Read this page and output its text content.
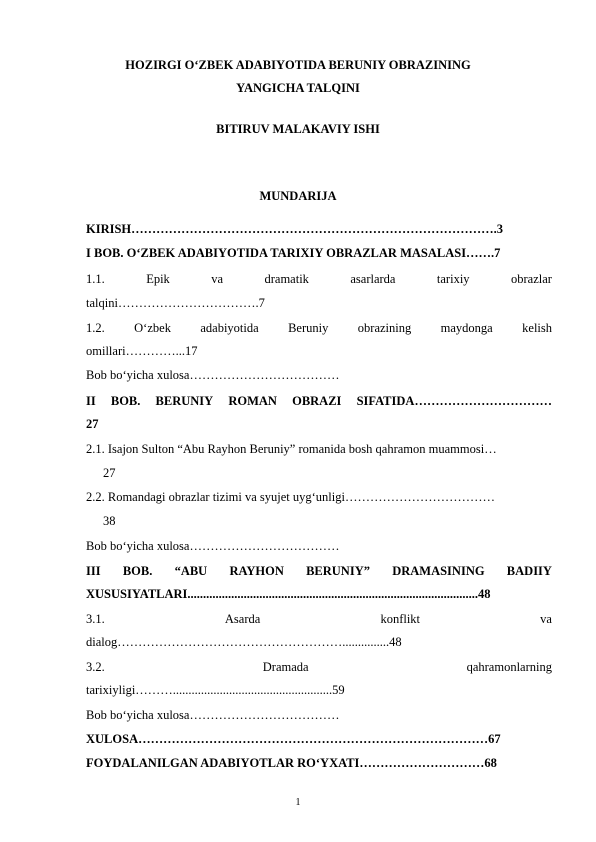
HOZIRGI O‘ZBEK ADABIYOTIDA BERUNIY OBRAZINING
YANGICHA TALQINI
BITIRUV MALAKAVIY ISHI
MUNDARIJA
KIRISH…………………………………………………………………………….3
I BOB. O‘ZBEK ADABIYOTIDA TARIXIY OBRAZLAR MASALASI…….7
1.1.	Epik	va	dramatik	asarlarda	tarixiy	obrazlar
talqini…………………………….7
1.2. O‘zbek adabiyotida Beruniy obrazining maydonga kelish
omillari…………...17
Bob bo‘yicha xulosa………………………………
II BOB. BERUNIY ROMAN OBRAZI SIFATIDA……………………………
27
2.1. Isajon Sulton “Abu Rayhon Beruniy” romanida bosh qahramon muammosi…
27
2.2. Romandagi obrazlar tizimi va syujet uyg‘unligi………………………………
38
Bob bo‘yicha xulosa………………………………
III BOB. “ABU RAYHON BERUNIY” DRAMASINING BADIIY
XUSUSIYATLARI.............................................................................................48
3.1.	Asarda	konflikt	va
dialog………………………………………………...............48
3.2.	Dramada	qahramonlarning
tarixiyligi………...................................................59
Bob bo‘yicha xulosa………………………………
XULOSA…………………………………………………………………………67
FOYDALANILGAN ADABIYOTLAR RO‘YXATI…………………………68
1
